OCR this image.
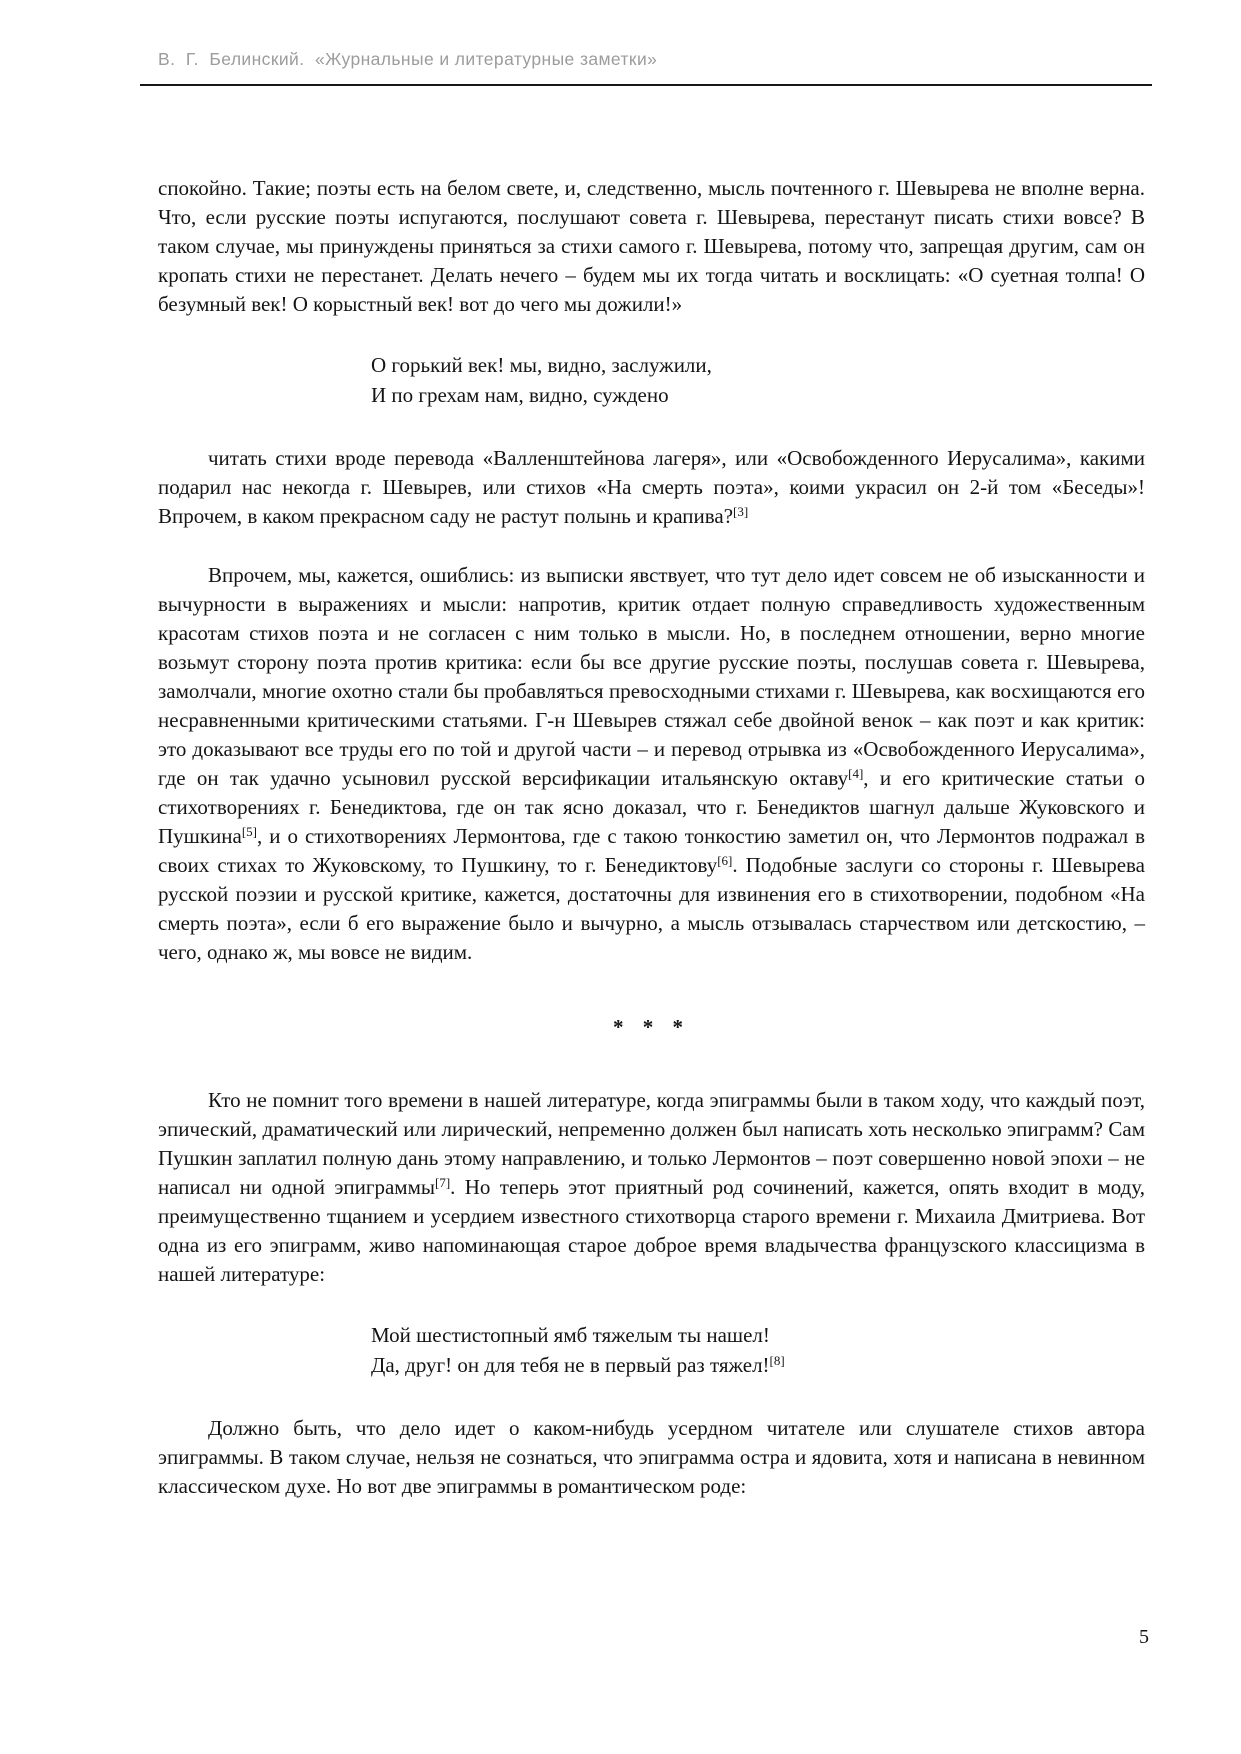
В.  Г.  Белинский.  «Журнальные и литературные заметки»

спокойно. Такие; поэты есть на белом свете, и, следственно, мысль почтенного г. Шевырева не вполне верна. Что, если русские поэты испугаются, послушают совета г. Шевырева, перестанут писать стихи вовсе? В таком случае, мы принуждены приняться за стихи самого г. Шевырева, потому что, запрещая другим, сам он кропать стихи не перестанет. Делать нечего – будем мы их тогда читать и восклицать: «О суетная толпа! О безумный век! О корыстный век! вот до чего мы дожили!»

О горький век! мы, видно, заслужили,
И по грехам нам, видно, суждено

читать стихи вроде перевода «Валленштейнова лагеря», или «Освобожденного Иерусалима», какими подарил нас некогда г. Шевырев, или стихов «На смерть поэта», коими украсил он 2-й том «Беседы»! Впрочем, в каком прекрасном саду не растут полынь и крапива?[3]

Впрочем, мы, кажется, ошиблись: из выписки явствует, что тут дело идет совсем не об изысканности и вычурности в выражениях и мысли: напротив, критик отдает полную справедливость художественным красотам стихов поэта и не согласен с ним только в мысли. Но, в последнем отношении, верно многие возьмут сторону поэта против критика: если бы все другие русские поэты, послушав совета г. Шевырева, замолчали, многие охотно стали бы пробавляться превосходными стихами г. Шевырева, как восхищаются его несравненными критическими статьями. Г-н Шевырев стяжал себе двойной венок – как поэт и как критик: это доказывают все труды его по той и другой части – и перевод отрывка из «Освобожденного Иерусалима», где он так удачно усыновил русской версификации итальянскую октаву[4], и его критические статьи о стихотворениях г. Бенедиктова, где он так ясно доказал, что г. Бенедиктов шагнул дальше Жуковского и Пушкина[5], и о стихотворениях Лермонтова, где с такою тонкостию заметил он, что Лермонтов подражал в своих стихах то Жуковскому, то Пушкину, то г. Бенедиктову[6]. Подобные заслуги со стороны г. Шевырева русской поэзии и русской критике, кажется, достаточны для извинения его в стихотворении, подобном «На смерть поэта», если б его выражение было и вычурно, а мысль отзывалась старчеством или детскостию, – чего, однако ж, мы вовсе не видим.

* * *

Кто не помнит того времени в нашей литературе, когда эпиграммы были в таком ходу, что каждый поэт, эпический, драматический или лирический, непременно должен был написать хоть несколько эпиграмм? Сам Пушкин заплатил полную дань этому направлению, и только Лермонтов – поэт совершенно новой эпохи – не написал ни одной эпиграммы[7]. Но теперь этот приятный род сочинений, кажется, опять входит в моду, преимущественно тщанием и усердием известного стихотворца старого времени г. Михаила Дмитриева. Вот одна из его эпиграмм, живо напоминающая старое доброе время владычества французского классицизма в нашей литературе:

Мой шестистопный ямб тяжелым ты нашел!
Да, друг! он для тебя не в первый раз тяжел![8]

Должно быть, что дело идет о каком-нибудь усердном читателе или слушателе стихов автора эпиграммы. В таком случае, нельзя не сознаться, что эпиграмма остра и ядовита, хотя и написана в невинном классическом духе. Но вот две эпиграммы в романтическом роде:

5
